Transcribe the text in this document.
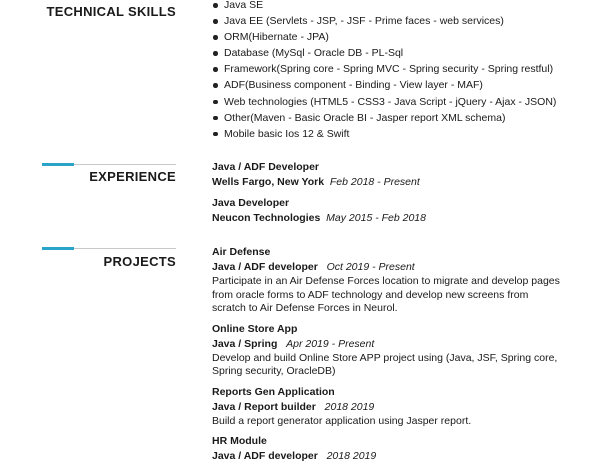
TECHNICAL SKILLS	Java SE
Java EE (Servlets - JSP, - JSF - Prime faces - web services)
ORM(Hibernate - JPA)
Database (MySql - Oracle DB - PL-Sql
Framework(Spring core - Spring MVC - Spring security - Spring restful)
ADF(Business component - Binding - View layer - MAF)
Web technologies (HTML5 - CSS3 - Java Script - jQuery - Ajax - JSON)
Other(Maven - Basic Oracle BI - Jasper report XML schema)
Mobile basic Ios 12 & Swift
EXPERIENCE
Java / ADF Developer
Wells Fargo, New York Feb 2018 - Present
Java Developer
Neucon Technologies May 2015 - Feb 2018
PROJECTS
Air Defense
Java / ADF developer Oct 2019 - Present
Participate in an Air Defense Forces location to migrate and develop pages from oracle forms to ADF technology and develop new screens from scratch to Air Defense Forces in Neurol.
Online Store App
Java / Spring Apr 2019 - Present
Develop and build Online Store APP project using (Java, JSF, Spring core, Spring security, OracleDB)
Reports Gen Application
Java / Report builder 2018 2019
Build a report generator application using Jasper report.
HR Module
Java / ADF developer 2018 2019
